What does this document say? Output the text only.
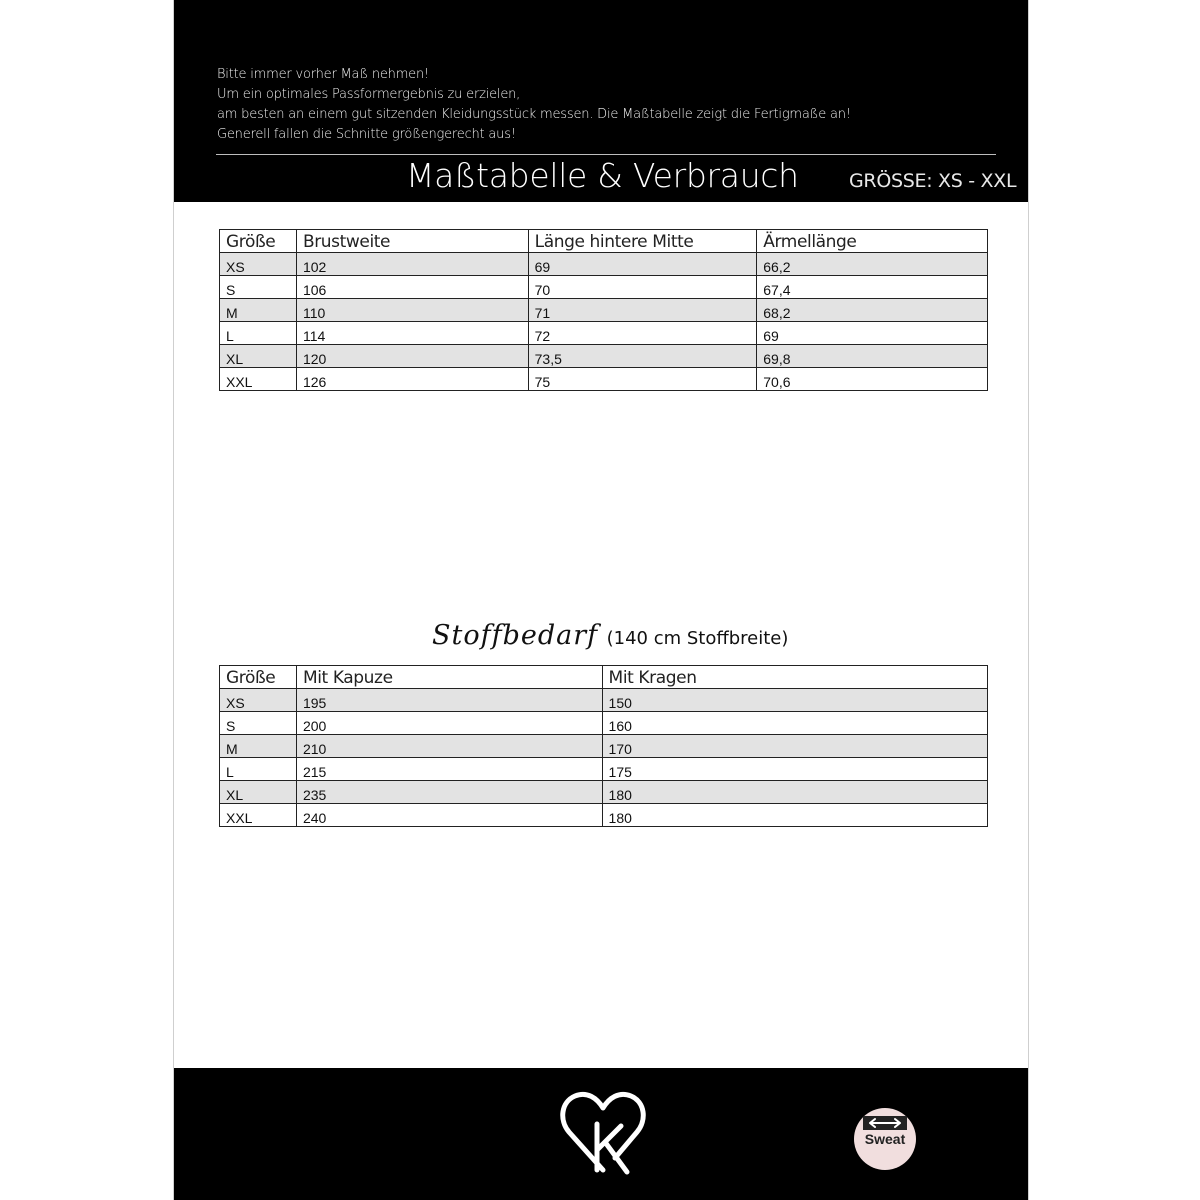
Bitte immer vorher Maß nehmen!
Um ein optimales Passformergebnis zu erzielen,
am besten an einem gut sitzenden Kleidungsstück messen. Die Maßtabelle zeigt die Fertigmaße an!
Generell fallen die Schnitte größengerecht aus!
Maßtabelle & Verbrauch	GRÖSSE: XS - XXL
Größe	Brustweite	Länge hintere Mitte	Ärmellänge
XS	102	69	66,2
S	106	70	67,4
M	110	71	68,2
L	114	72	69
XL	120	73,5	69,8
XXL	126	75	70,6
Stoffbedarf (140 cm Stoffbreite)
Größe	Mit Kapuze	Mit Kragen
XS	195	150
S	200	160
M	210	170
L	215	175
XL	235	180
XXL	240	180
Sweat
